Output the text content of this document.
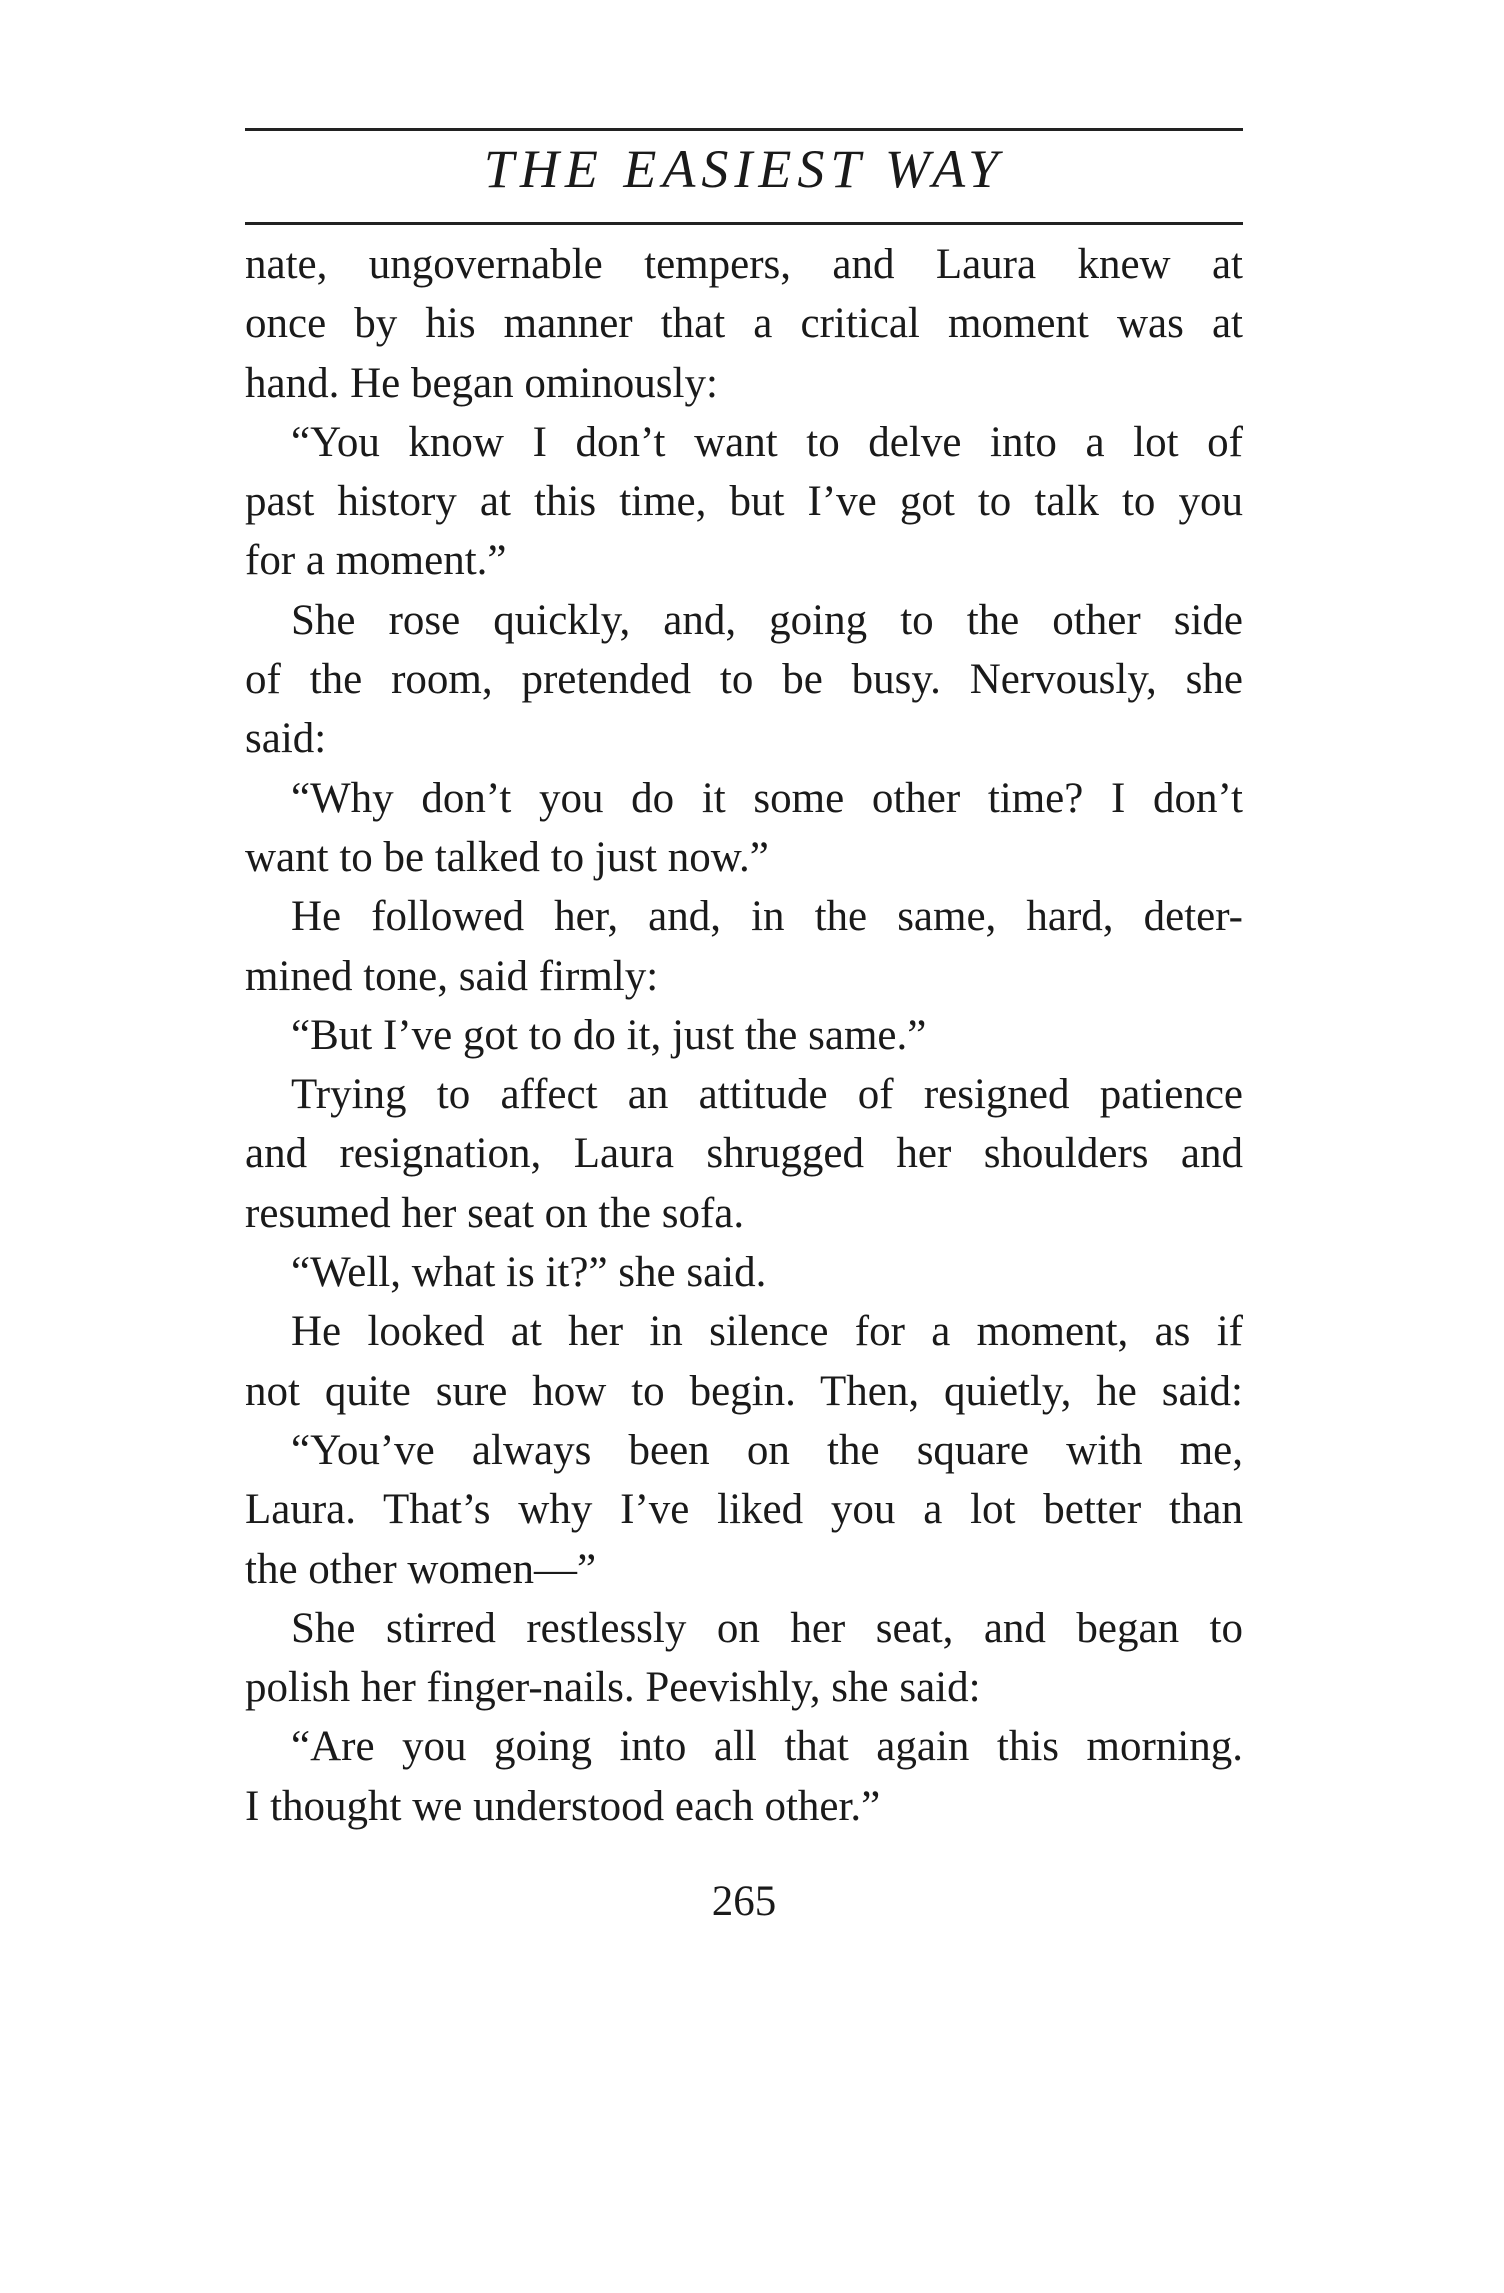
THE EASIEST WAY
nate, ungovernable tempers, and Laura knew at
once by his manner that a critical moment was at
hand. He began ominously:
“You know I don’t want to delve into a lot of
past history at this time, but I’ve got to talk to you
for a moment.”
She rose quickly, and, going to the other side
of the room, pretended to be busy. Nervously, she
said:
“Why don’t you do it some other time? I don’t
want to be talked to just now.”
He followed her, and, in the same, hard, deter-
mined tone, said firmly:
“But I’ve got to do it, just the same.”
Trying to affect an attitude of resigned patience
and resignation, Laura shrugged her shoulders and
resumed her seat on the sofa.
“Well, what is it?” she said.
He looked at her in silence for a moment, as if
not quite sure how to begin. Then, quietly, he said:
“You’ve always been on the square with me,
Laura. That’s why I’ve liked you a lot better than
the other women—”
She stirred restlessly on her seat, and began to
polish her finger-nails. Peevishly, she said:
“Are you going into all that again this morning.
I thought we understood each other.”
265
